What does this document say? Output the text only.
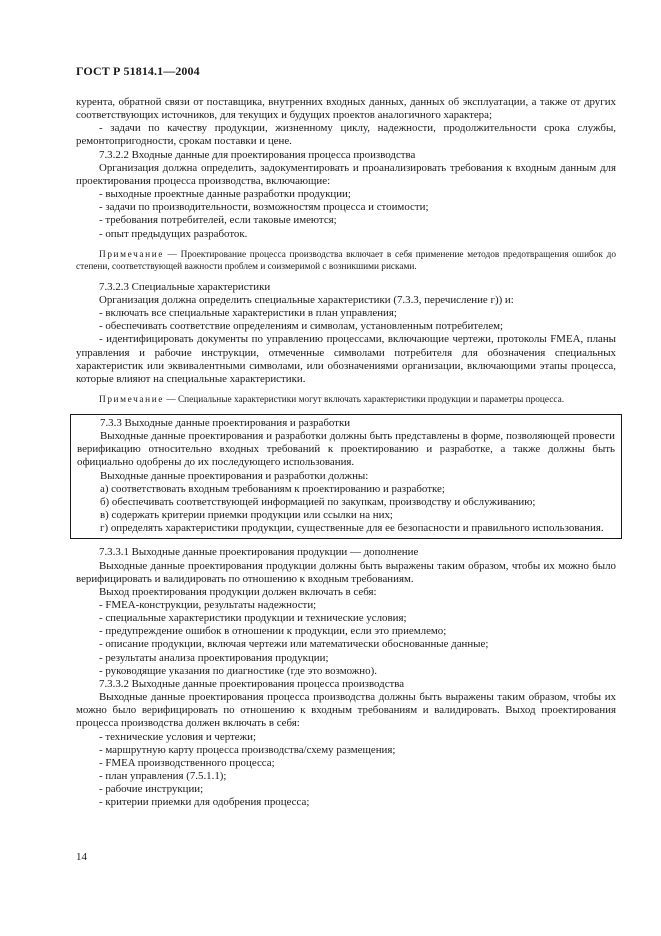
ГОСТ Р 51814.1—2004

курента, обратной связи от поставщика, внутренних входных данных, данных об эксплуатации, а также от других соответствующих источников, для текущих и будущих проектов аналогичного характера;

- задачи по качеству продукции, жизненному циклу, надежности, продолжительности срока службы, ремонтопригодности, срокам поставки и цене.

7.3.2.2 Входные данные для проектирования процесса производства

Организация должна определить, задокументировать и проанализировать требования к входным данным для проектирования процесса производства, включающие:

- выходные проектные данные разработки продукции;

- задачи по производительности, возможностям процесса и стоимости;

- требования потребителей, если таковые имеются;

- опыт предыдущих разработок.

Примечание — Проектирование процесса производства включает в себя применение методов предотвращения ошибок до степени, соответствующей важности проблем и соизмеримой с возникшими рисками.

7.3.2.3 Специальные характеристики

Организация должна определить специальные характеристики (7.3.3, перечисление г)) и:

- включать все специальные характеристики в план управления;

- обеспечивать соответствие определениям и символам, установленным потребителем;

- идентифицировать документы по управлению процессами, включающие чертежи, протоколы FMEA, планы управления и рабочие инструкции, отмеченные символами потребителя для обозначения специальных характеристик или эквивалентными символами, или обозначениями организации, включающими этапы процесса, которые влияют на специальные характеристики.

Примечание — Специальные характеристики могут включать характеристики продукции и параметры процесса.

7.3.3 Выходные данные проектирования и разработки

Выходные данные проектирования и разработки должны быть представлены в форме, позволяющей провести верификацию относительно входных требований к проектированию и разработке, а также должны быть официально одобрены до их последующего использования.

Выходные данные проектирования и разработки должны:

а) соответствовать входным требованиям к проектированию и разработке;

б) обеспечивать соответствующей информацией по закупкам, производству и обслуживанию;

в) содержать критерии приемки продукции или ссылки на них;

г) определять характеристики продукции, существенные для ее безопасности и правильного использования.

7.3.3.1 Выходные данные проектирования продукции — дополнение

Выходные данные проектирования продукции должны быть выражены таким образом, чтобы их можно было верифицировать и валидировать по отношению к входным требованиям.

Выход проектирования продукции должен включать в себя:

- FMEA-конструкции, результаты надежности;

- специальные характеристики продукции и технические условия;

- предупреждение ошибок в отношении к продукции, если это приемлемо;

- описание продукции, включая чертежи или математически обоснованные данные;

- результаты анализа проектирования продукции;

- руководящие указания по диагностике (где это возможно).

7.3.3.2 Выходные данные проектирования процесса производства

Выходные данные проектирования процесса производства должны быть выражены таким образом, чтобы их можно было верифицировать по отношению к входным требованиям и валидировать. Выход проектирования процесса производства должен включать в себя:

- технические условия и чертежи;

- маршрутную карту процесса производства/схему размещения;

- FMEA производственного процесса;

- план управления (7.5.1.1);

- рабочие инструкции;

- критерии приемки для одобрения процесса;

14
